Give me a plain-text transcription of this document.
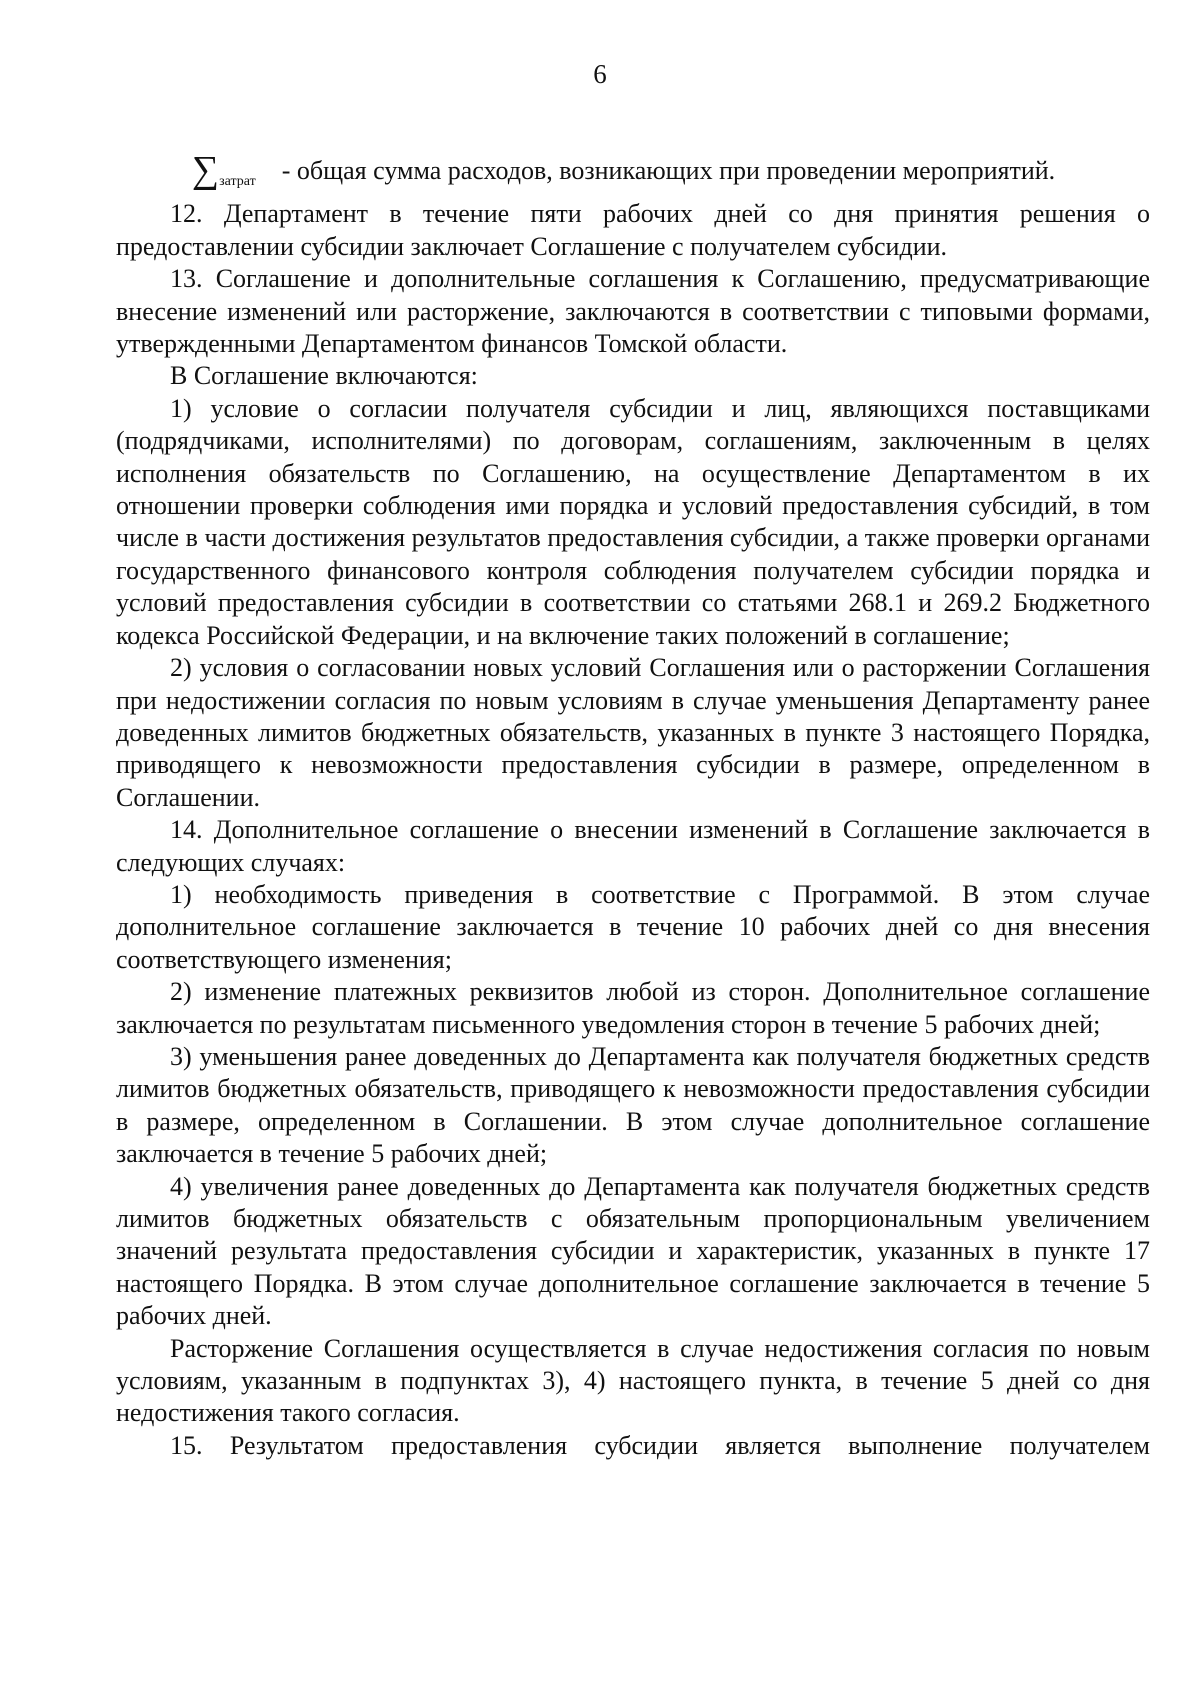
6

$\sum_{затрат}$ - общая сумма расходов, возникающих при проведении мероприятий.

12. Департамент в течение пяти рабочих дней со дня принятия решения о предоставлении субсидии заключает Соглашение с получателем субсидии.

13. Соглашение и дополнительные соглашения к Соглашению, предусматривающие внесение изменений или расторжение, заключаются в соответствии с типовыми формами, утвержденными Департаментом финансов Томской области.

В Соглашение включаются:

1) условие о согласии получателя субсидии и лиц, являющихся поставщиками (подрядчиками, исполнителями) по договорам, соглашениям, заключенным в целях исполнения обязательств по Соглашению, на осуществление Департаментом в их отношении проверки соблюдения ими порядка и условий предоставления субсидий, в том числе в части достижения результатов предоставления субсидии, а также проверки органами государственного финансового контроля соблюдения получателем субсидии порядка и условий предоставления субсидии в соответствии со статьями 268.1 и 269.2 Бюджетного кодекса Российской Федерации, и на включение таких положений в соглашение;

2) условия о согласовании новых условий Соглашения или о расторжении Соглашения при недостижении согласия по новым условиям в случае уменьшения Департаменту ранее доведенных лимитов бюджетных обязательств, указанных в пункте 3 настоящего Порядка, приводящего к невозможности предоставления субсидии в размере, определенном в Соглашении.

14. Дополнительное соглашение о внесении изменений в Соглашение заключается в следующих случаях:

1) необходимость приведения в соответствие с Программой. В этом случае дополнительное соглашение заключается в течение 10 рабочих дней со дня внесения соответствующего изменения;

2) изменение платежных реквизитов любой из сторон. Дополнительное соглашение заключается по результатам письменного уведомления сторон в течение 5 рабочих дней;

3) уменьшения ранее доведенных до Департамента как получателя бюджетных средств лимитов бюджетных обязательств, приводящего к невозможности предоставления субсидии в размере, определенном в Соглашении. В этом случае дополнительное соглашение заключается в течение 5 рабочих дней;

4) увеличения ранее доведенных до Департамента как получателя бюджетных средств лимитов бюджетных обязательств с обязательным пропорциональным увеличением значений результата предоставления субсидии и характеристик, указанных в пункте 17 настоящего Порядка. В этом случае дополнительное соглашение заключается в течение 5 рабочих дней.

Расторжение Соглашения осуществляется в случае недостижения согласия по новым условиям, указанным в подпунктах 3), 4) настоящего пункта, в течение 5 дней со дня недостижения такого согласия.

15. Результатом предоставления субсидии является выполнение получателем
